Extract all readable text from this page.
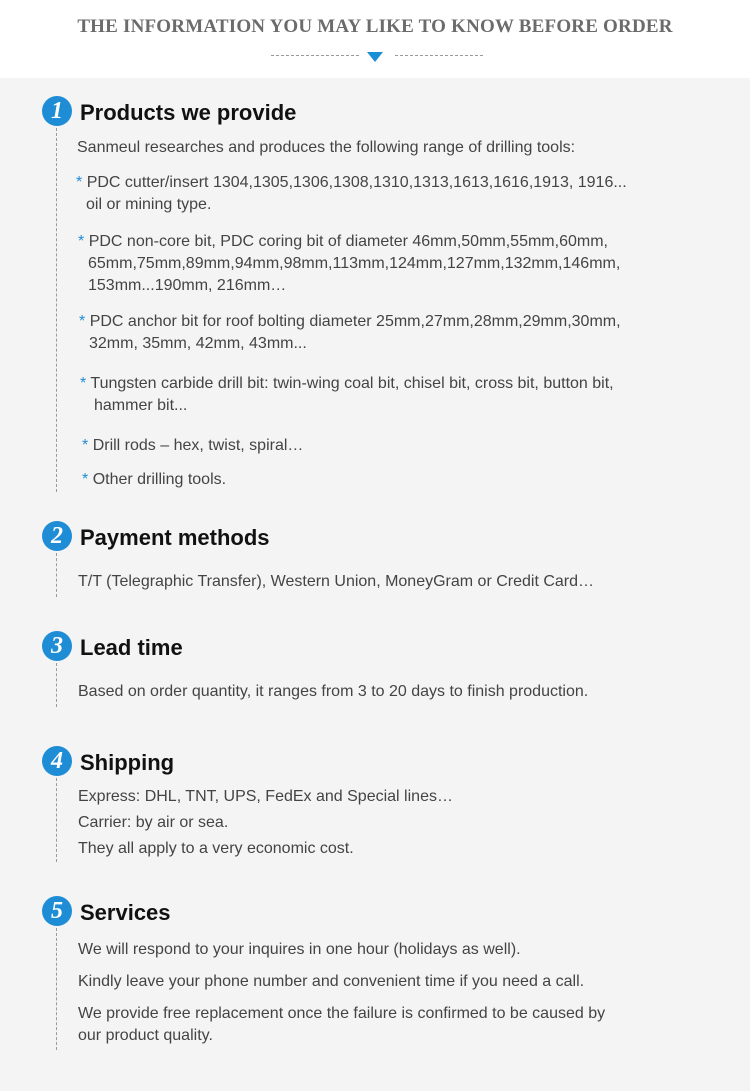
THE INFORMATION YOU MAY LIKE TO KNOW BEFORE ORDER
1 Products we provide
Sanmeul researches and produces the following range of drilling tools:
* PDC cutter/insert 1304,1305,1306,1308,1310,1313,1613,1616,1913, 1916...
oil or mining type.
* PDC non-core bit, PDC coring bit of diameter 46mm,50mm,55mm,60mm,
65mm,75mm,89mm,94mm,98mm,113mm,124mm,127mm,132mm,146mm,
153mm...190mm, 216mm…
* PDC anchor bit for roof bolting diameter 25mm,27mm,28mm,29mm,30mm,
32mm, 35mm, 42mm, 43mm...
* Tungsten carbide drill bit: twin-wing coal bit, chisel bit, cross bit, button bit,
hammer bit...
* Drill rods – hex, twist, spiral…
* Other drilling tools.
2 Payment methods
T/T (Telegraphic Transfer), Western Union, MoneyGram or Credit Card…
3 Lead time
Based on order quantity, it ranges from 3 to 20 days to finish production.
4 Shipping
Express: DHL, TNT, UPS, FedEx and Special lines…
Carrier: by air or sea.
They all apply to a very economic cost.
5 Services
We will respond to your inquires in one hour (holidays as well).
Kindly leave your phone number and convenient time if you need a call.
We provide free replacement once the failure is confirmed to be caused by
our product quality.
